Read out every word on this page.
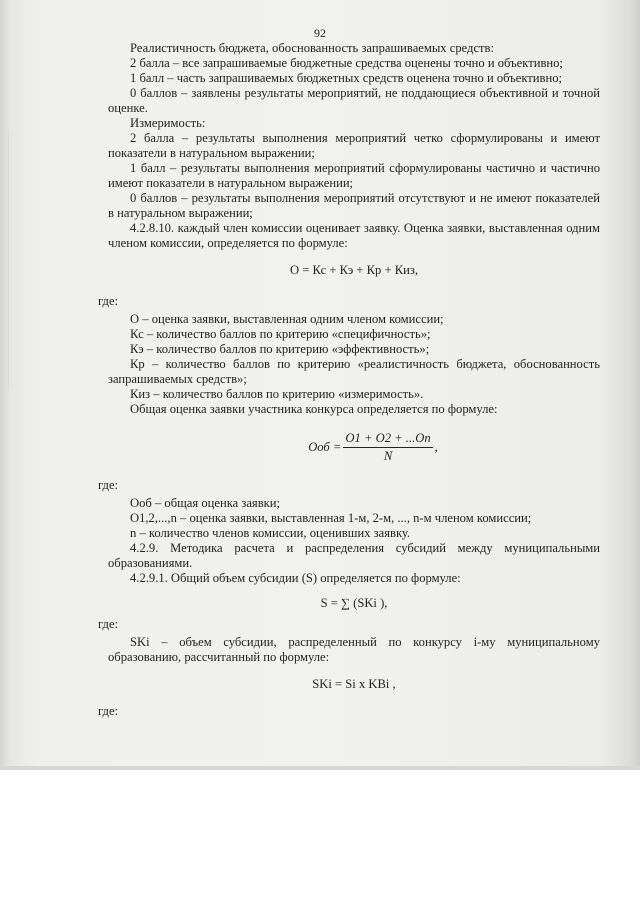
92

Реалистичность бюджета, обоснованность запрашиваемых средств:

2 балла – все запрашиваемые бюджетные средства оценены точно и объективно;

1 балл – часть запрашиваемых бюджетных средств оценена точно и объективно;

0 баллов – заявлены результаты мероприятий, не поддающиеся объективной и точной оценке.

Измеримость:

2 балла – результаты выполнения мероприятий четко сформулированы и имеют показатели в натуральном выражении;

1 балл – результаты выполнения мероприятий сформулированы частично и частично имеют показатели в натуральном выражении;

0 баллов – результаты выполнения мероприятий отсутствуют и не имеют показателей в натуральном выражении;

4.2.8.10. каждый член комиссии оценивает заявку. Оценка заявки, выставленная одним членом комиссии, определяется по формуле:

О = Кс + Кэ + Кр + Киз,

где:

О – оценка заявки, выставленная одним членом комиссии;

Кс – количество баллов по критерию «специфичность»;

Кэ – количество баллов по критерию «эффективность»;

Кр – количество баллов по критерию «реалистичность бюджета, обоснованность запрашиваемых средств»;

Киз – количество баллов по критерию «измеримость».

Общая оценка заявки участника конкурса определяется по формуле:

Ооб = $\frac{O1 + O2 + ...On}{N}$ ,

где:

Ооб – общая оценка заявки;

О1,2,...,n – оценка заявки, выставленная 1-м, 2-м, ..., n-м членом комиссии;

n – количество членов комиссии, оценивших заявку.

4.2.9. Методика расчета и распределения субсидий между муниципальными образованиями.

4.2.9.1. Общий объем субсидии (S) определяется по формуле:

S = ∑ (SKi ),

где:

SKi – объем субсидии, распределенный по конкурсу i-му муниципальному образованию, рассчитанный по формуле:

SKi = Si x KBi ,

где:
